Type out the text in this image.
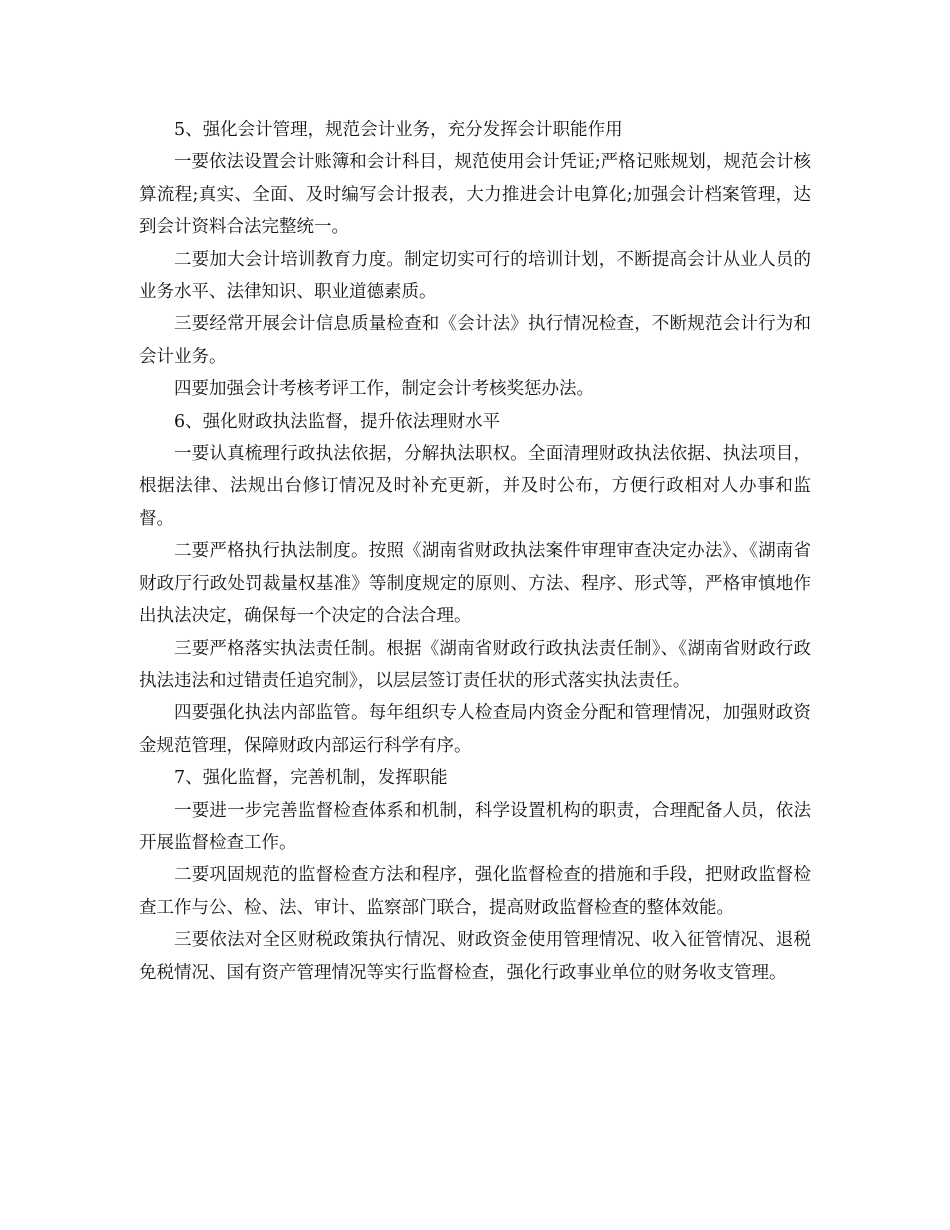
5、强化会计管理，规范会计业务，充分发挥会计职能作用

一要依法设置会计账簿和会计科目，规范使用会计凭证;严格记账规划，规范会计核算流程;真实、全面、及时编写会计报表，大力推进会计电算化;加强会计档案管理，达到会计资料合法完整统一。

二要加大会计培训教育力度。制定切实可行的培训计划，不断提高会计从业人员的业务水平、法律知识、职业道德素质。

三要经常开展会计信息质量检查和《会计法》执行情况检查，不断规范会计行为和会计业务。

四要加强会计考核考评工作，制定会计考核奖惩办法。

6、强化财政执法监督，提升依法理财水平

一要认真梳理行政执法依据，分解执法职权。全面清理财政执法依据、执法项目，根据法律、法规出台修订情况及时补充更新，并及时公布，方便行政相对人办事和监督。

二要严格执行执法制度。按照《湖南省财政执法案件审理审查决定办法》、《湖南省财政厅行政处罚裁量权基准》等制度规定的原则、方法、程序、形式等，严格审慎地作出执法决定，确保每一个决定的合法合理。

三要严格落实执法责任制。根据《湖南省财政行政执法责任制》、《湖南省财政行政执法违法和过错责任追究制》，以层层签订责任状的形式落实执法责任。

四要强化执法内部监管。每年组织专人检查局内资金分配和管理情况，加强财政资金规范管理，保障财政内部运行科学有序。

7、强化监督，完善机制，发挥职能

一要进一步完善监督检查体系和机制，科学设置机构的职责，合理配备人员，依法开展监督检查工作。

二要巩固规范的监督检查方法和程序，强化监督检查的措施和手段，把财政监督检查工作与公、检、法、审计、监察部门联合，提高财政监督检查的整体效能。

三要依法对全区财税政策执行情况、财政资金使用管理情况、收入征管情况、退税免税情况、国有资产管理情况等实行监督检查，强化行政事业单位的财务收支管理。
